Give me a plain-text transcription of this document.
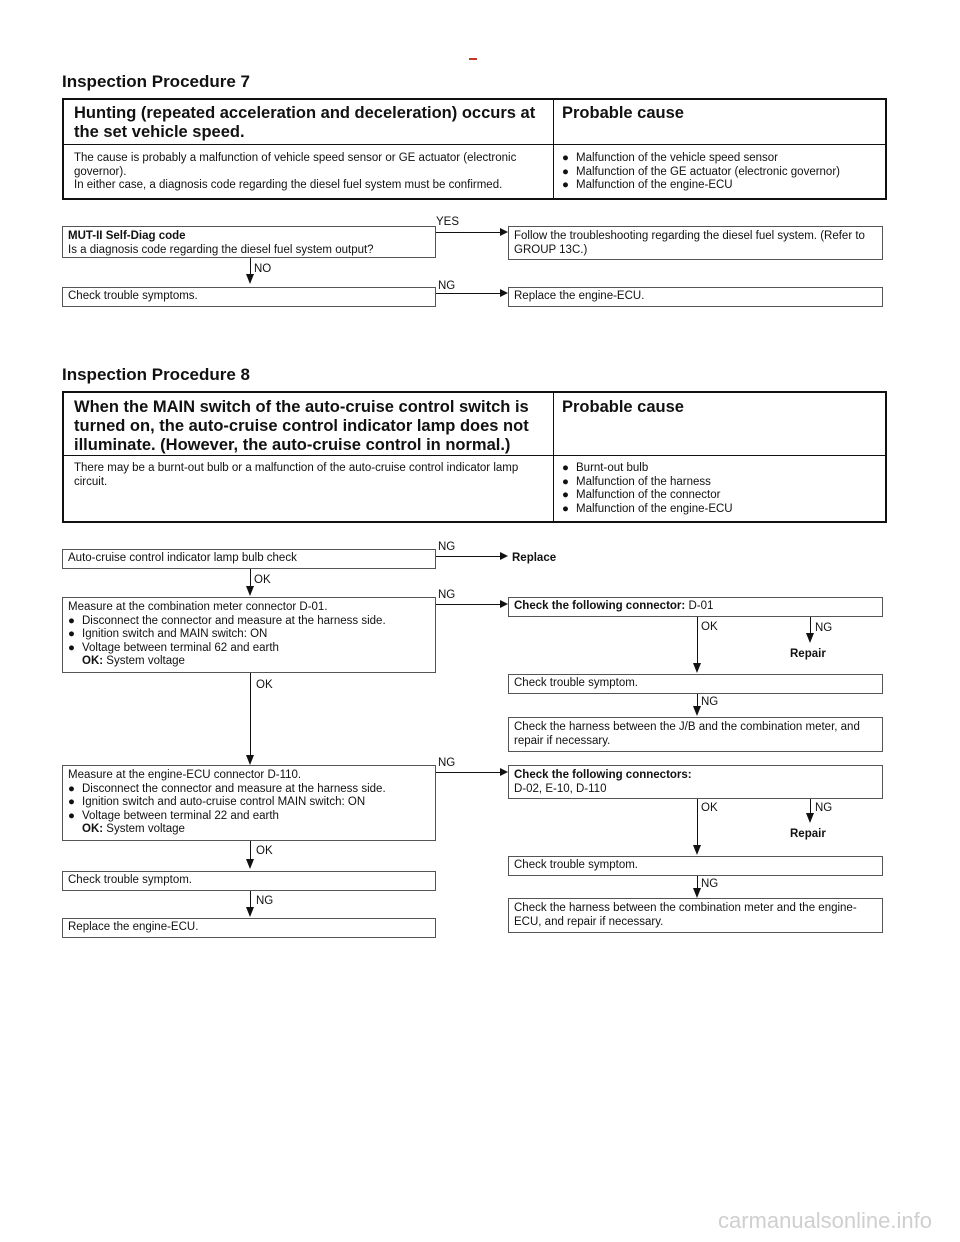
Inspection Procedure 7
Hunting (repeated acceleration and deceleration) occurs at the set vehicle speed.
Probable cause
The cause is probably a malfunction of vehicle speed sensor or GE actuator (electronic governor).
In either case, a diagnosis code regarding the diesel fuel system must be confirmed.
● Malfunction of the vehicle speed sensor
● Malfunction of the GE actuator (electronic governor)
● Malfunction of the engine-ECU
MUT-II Self-Diag code
Is a diagnosis code regarding the diesel fuel system output?
YES
Follow the troubleshooting regarding the diesel fuel system. (Refer to GROUP 13C.)
NO
Check trouble symptoms.
NG
Replace the engine-ECU.
Inspection Procedure 8
When the MAIN switch of the auto-cruise control switch is turned on, the auto-cruise control indicator lamp does not illuminate. (However, the auto-cruise control in normal.)
Probable cause
There may be a burnt-out bulb or a malfunction of the auto-cruise control indicator lamp circuit.
● Burnt-out bulb
● Malfunction of the harness
● Malfunction of the connector
● Malfunction of the engine-ECU
Auto-cruise control indicator lamp bulb check
NG
Replace
OK
Measure at the combination meter connector D-01.
● Disconnect the connector and measure at the harness side.
● Ignition switch and MAIN switch: ON
● Voltage between terminal 62 and earth
OK: System voltage
NG
Check the following connector: D-01
OK	NG
Repair
Check trouble symptom.
NG
Check the harness between the J/B and the combination meter, and repair if necessary.
OK
Measure at the engine-ECU connector D-110.
● Disconnect the connector and measure at the harness side.
● Ignition switch and auto-cruise control MAIN switch: ON
● Voltage between terminal 22 and earth
OK: System voltage
NG
Check the following connectors:
D-02, E-10, D-110
OK	NG
Repair
Check trouble symptom.
NG
Check the harness between the combination meter and the engine-ECU, and repair if necessary.
OK
Check trouble symptom.
NG
Replace the engine-ECU.
carmanualsonline.info
